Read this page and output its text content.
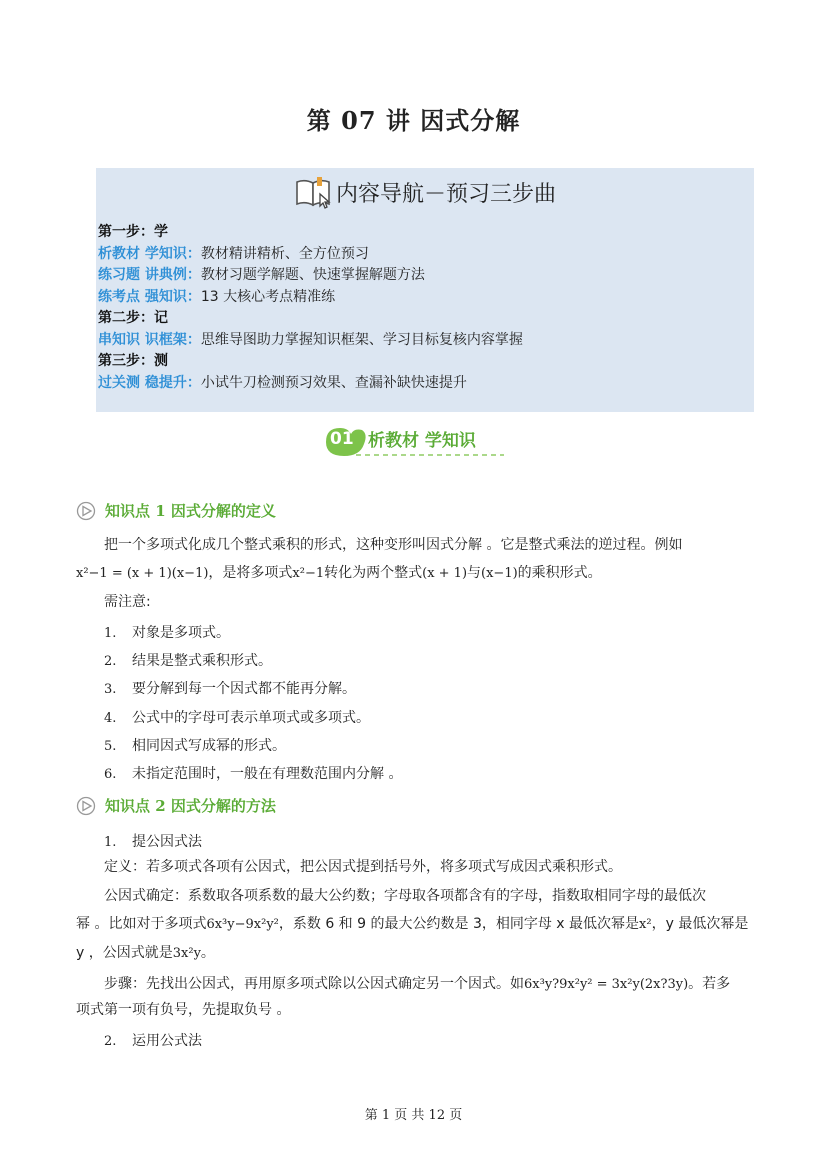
第 07 讲 因式分解
内容导航－预习三步曲
第一步：学
析教材 学知识：教材精讲精析、全方位预习
练习题 讲典例：教材习题学解题、快速掌握解题方法
练考点 强知识：13 大核心考点精准练
第二步：记
串知识 识框架：思维导图助力掌握知识框架、学习目标复核内容掌握
第三步：测
过关测 稳提升：小试牛刀检测预习效果、查漏补缺快速提升
01 析教材 学知识
知识点 1 因式分解的定义
把一个多项式化成几个整式乘积的形式，这种变形叫因式分解 。它是整式乘法的逆过程。例如
x²−1 = (x + 1)(x−1)，是将多项式x²−1转化为两个整式(x + 1)与(x−1)的乘积形式。
需注意:
1. 对象是多项式。
2. 结果是整式乘积形式。
3. 要分解到每一个因式都不能再分解。
4. 公式中的字母可表示单项式或多项式。
5. 相同因式写成幂的形式。
6. 未指定范围时，一般在有理数范围内分解 。
知识点 2 因式分解的方法
1. 提公因式法
定义：若多项式各项有公因式，把公因式提到括号外，将多项式写成因式乘积形式。
公因式确定：系数取各项系数的最大公约数；字母取各项都含有的字母，指数取相同字母的最低次
幂 。比如对于多项式6x³y−9x²y²，系数 6 和 9 的最大公约数是 3，相同字母 x 最低次幂是x²，y 最低次幂是
y ，公因式就是3x²y。
步骤：先找出公因式，再用原多项式除以公因式确定另一个因式。如6x³y?9x²y² = 3x²y(2x?3y)。若多
项式第一项有负号，先提取负号 。
2. 运用公式法
第 1 页 共 12 页
